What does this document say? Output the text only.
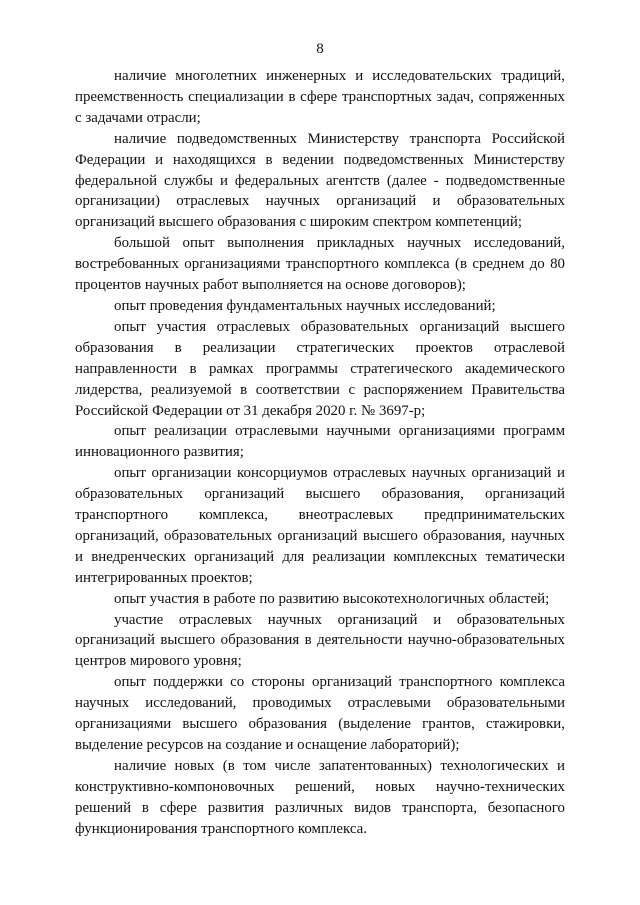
8

наличие многолетних инженерных и исследовательских традиций, преемственность специализации в сфере транспортных задач, сопряженных с задачами отрасли;

наличие подведомственных Министерству транспорта Российской Федерации и находящихся в ведении подведомственных Министерству федеральной службы и федеральных агентств (далее - подведомственные организации) отраслевых научных организаций и образовательных организаций высшего образования с широким спектром компетенций;

большой опыт выполнения прикладных научных исследований, востребованных организациями транспортного комплекса (в среднем до 80 процентов научных работ выполняется на основе договоров);

опыт проведения фундаментальных научных исследований;

опыт участия отраслевых образовательных организаций высшего образования в реализации стратегических проектов отраслевой направленности в рамках программы стратегического академического лидерства, реализуемой в соответствии с распоряжением Правительства Российской Федерации от 31 декабря 2020 г. № 3697-р;

опыт реализации отраслевыми научными организациями программ инновационного развития;

опыт организации консорциумов отраслевых научных организаций и образовательных организаций высшего образования, организаций транспортного комплекса, внеотраслевых предпринимательских организаций, образовательных организаций высшего образования, научных и внедренческих организаций для реализации комплексных тематически интегрированных проектов;

опыт участия в работе по развитию высокотехнологичных областей;

участие отраслевых научных организаций и образовательных организаций высшего образования в деятельности научно-образовательных центров мирового уровня;

опыт поддержки со стороны организаций транспортного комплекса научных исследований, проводимых отраслевыми образовательными организациями высшего образования (выделение грантов, стажировки, выделение ресурсов на создание и оснащение лабораторий);

наличие новых (в том числе запатентованных) технологических и конструктивно-компоновочных решений, новых научно-технических решений в сфере развития различных видов транспорта, безопасного функционирования транспортного комплекса.
